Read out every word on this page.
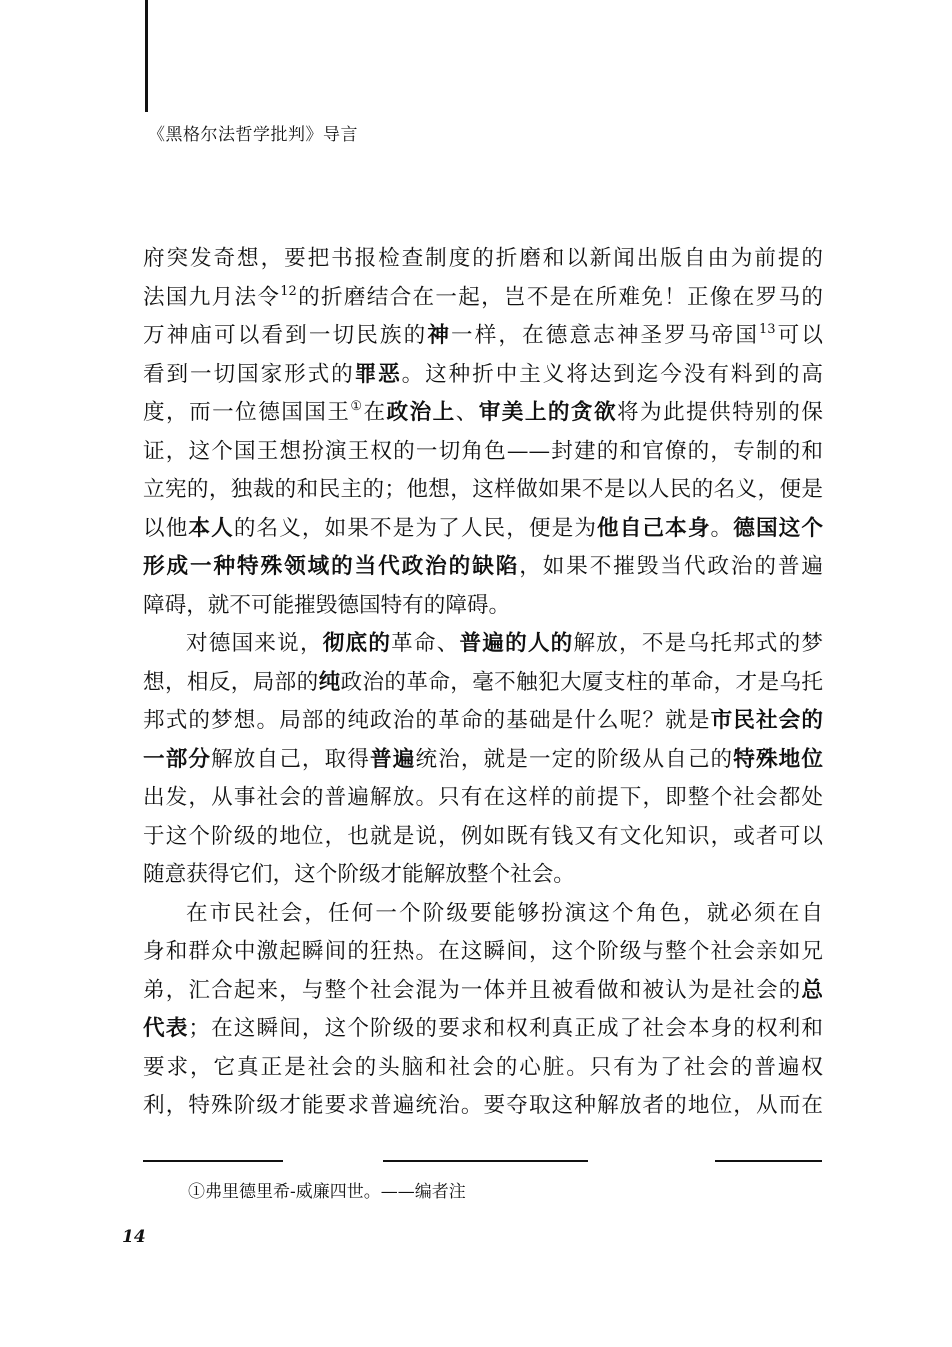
《黑格尔法哲学批判》导言
府突发奇想，要把书报检查制度的折磨和以新闻出版自由为前提的
法国九月法令$^{12}$的折磨结合在一起，岂不是在所难免！正像在罗马的
万神庙可以看到一切民族的神一样，在德意志神圣罗马帝国$^{13}$可以
看到一切国家形式的罪恶。这种折中主义将达到迄今没有料到的高
度，而一位德国国王①在政治上、审美上的贪欲将为此提供特别的保
证，这个国王想扮演王权的一切角色——封建的和官僚的，专制的和
立宪的，独裁的和民主的；他想，这样做如果不是以人民的名义，便是
以他本人的名义，如果不是为了人民，便是为他自己本身。德国这个
形成一种特殊领域的当代政治的缺陷，如果不摧毁当代政治的普遍
障碍，就不可能摧毁德国特有的障碍。
对德国来说，彻底的革命、普遍的人的解放，不是乌托邦式的梦
想，相反，局部的纯政治的革命，毫不触犯大厦支柱的革命，才是乌托
邦式的梦想。局部的纯政治的革命的基础是什么呢？就是市民社会的
一部分解放自己，取得普遍统治，就是一定的阶级从自己的特殊地位
出发，从事社会的普遍解放。只有在这样的前提下，即整个社会都处
于这个阶级的地位，也就是说，例如既有钱又有文化知识，或者可以
随意获得它们，这个阶级才能解放整个社会。
在市民社会，任何一个阶级要能够扮演这个角色，就必须在自
身和群众中激起瞬间的狂热。在这瞬间，这个阶级与整个社会亲如兄
弟，汇合起来，与整个社会混为一体并且被看做和被认为是社会的总
代表；在这瞬间，这个阶级的要求和权利真正成了社会本身的权利和
要求，它真正是社会的头脑和社会的心脏。只有为了社会的普遍权
利，特殊阶级才能要求普遍统治。要夺取这种解放者的地位，从而在
①弗里德里希-威廉四世。——编者注
14
